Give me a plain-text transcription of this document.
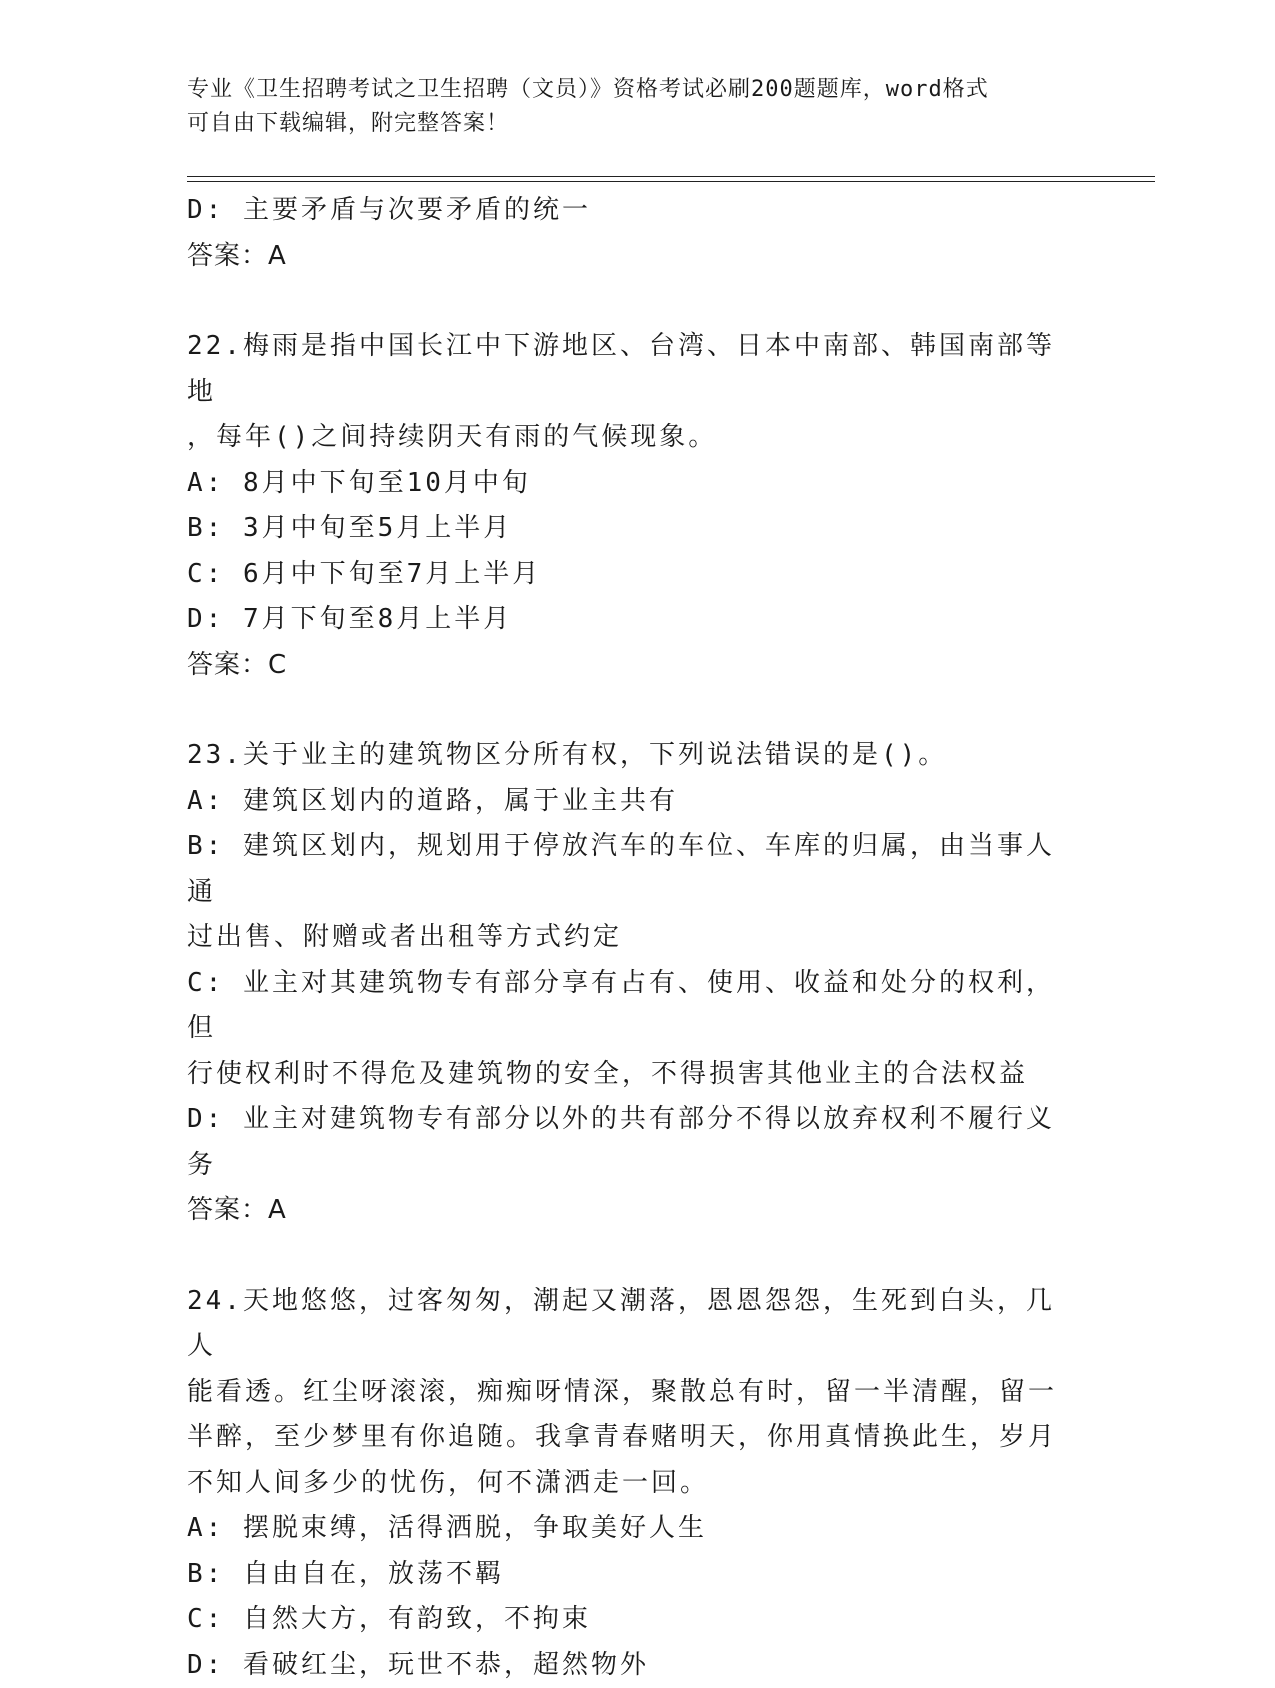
专业《卫生招聘考试之卫生招聘（文员）》资格考试必刷200题题库，word格式
可自由下载编辑，附完整答案！

D: 主要矛盾与次要矛盾的统一

答案：A

22.梅雨是指中国长江中下游地区、台湾、日本中南部、韩国南部等地

，每年()之间持续阴天有雨的气候现象。

A: 8月中下旬至10月中旬

B: 3月中旬至5月上半月

C: 6月中下旬至7月上半月

D: 7月下旬至8月上半月

答案：C

23.关于业主的建筑物区分所有权，下列说法错误的是()。

A: 建筑区划内的道路，属于业主共有

B: 建筑区划内，规划用于停放汽车的车位、车库的归属，由当事人通

过出售、附赠或者出租等方式约定

C: 业主对其建筑物专有部分享有占有、使用、收益和处分的权利，但

行使权利时不得危及建筑物的安全，不得损害其他业主的合法权益

D: 业主对建筑物专有部分以外的共有部分不得以放弃权利不履行义务

答案：A

24.天地悠悠，过客匆匆，潮起又潮落，恩恩怨怨，生死到白头，几人

能看透。红尘呀滚滚，痴痴呀情深，聚散总有时，留一半清醒，留一

半醉，至少梦里有你追随。我拿青春赌明天，你用真情换此生，岁月

不知人间多少的忧伤，何不潇洒走一回。

A: 摆脱束缚，活得洒脱，争取美好人生

B: 自由自在，放荡不羁

C: 自然大方，有韵致，不拘束

D: 看破红尘，玩世不恭，超然物外
